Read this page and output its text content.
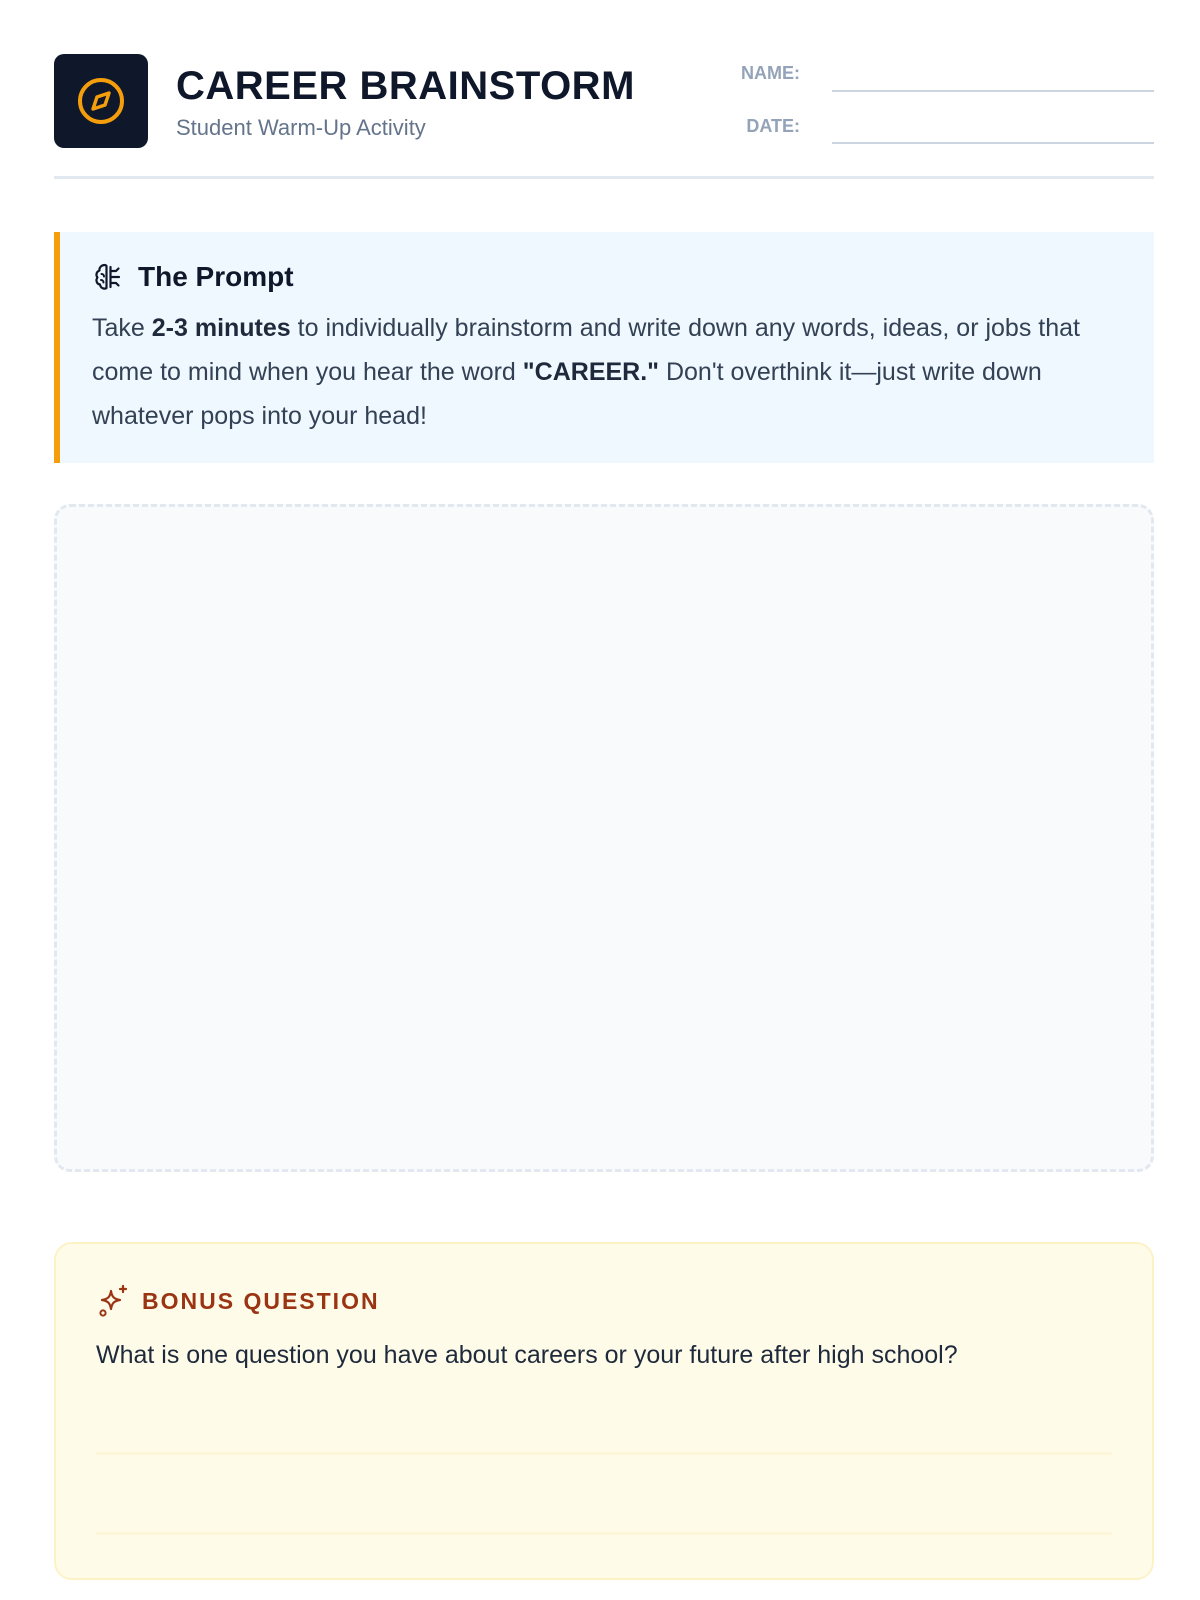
CAREER BRAINSTORM
Student Warm-Up Activity
NAME:
DATE:
The Prompt
Take 2-3 minutes to individually brainstorm and write down any words, ideas, or jobs that come to mind when you hear the word "CAREER." Don't overthink it—just write down whatever pops into your head!
BONUS QUESTION
What is one question you have about careers or your future after high school?
